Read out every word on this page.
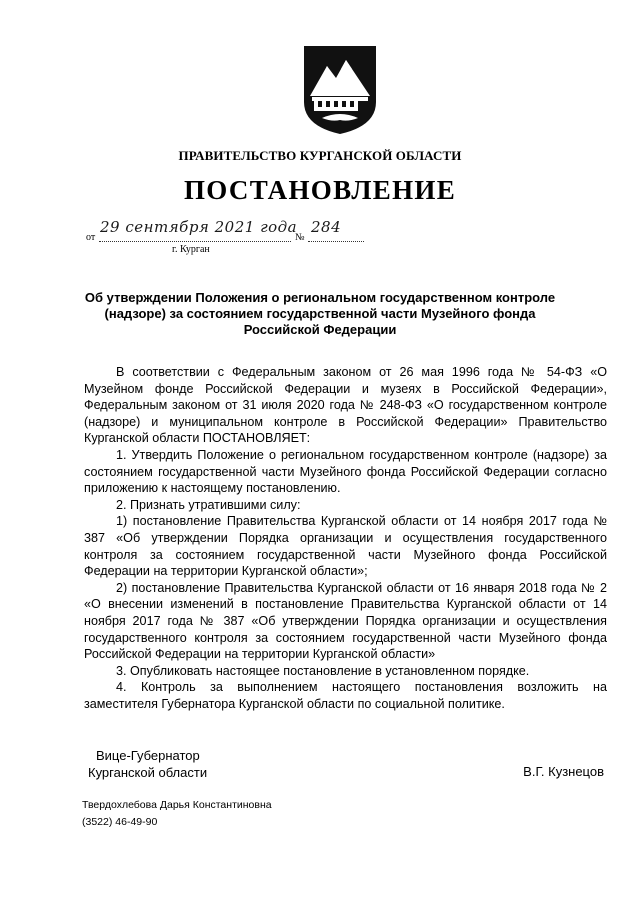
ПРАВИТЕЛЬСТВО КУРГАНСКОЙ ОБЛАСТИ
ПОСТАНОВЛЕНИЕ
от
29 сентября 2021 года
№
284
г. Курган
Об утверждении Положения о региональном государственном контроле
(надзоре) за состоянием государственной части Музейного фонда
Российской Федерации

В соответствии с Федеральным законом от 26 мая 1996 года № 54-ФЗ «О Музейном фонде Российской Федерации и музеях в Российской Федерации», Федеральным законом от 31 июля 2020 года № 248-ФЗ «О государственном контроле (надзоре) и муниципальном контроле в Российской Федерации» Правительство Курганской области ПОСТАНОВЛЯЕТ:

1. Утвердить Положение о региональном государственном контроле (надзоре) за состоянием государственной части Музейного фонда Российской Федерации согласно приложению к настоящему постановлению.

2. Признать утратившими силу:

1) постановление Правительства Курганской области от 14 ноября 2017 года № 387 «Об утверждении Порядка организации и осуществления государственного контроля за состоянием государственной части Музейного фонда Российской Федерации на территории Курганской области»;

2) постановление Правительства Курганской области от 16 января 2018 года № 2 «О внесении изменений в постановление Правительства Курганской области от 14 ноября 2017 года № 387 «Об утверждении Порядка организации и осуществления государственного контроля за состоянием государственной части Музейного фонда Российской Федерации на территории Курганской области»

3. Опубликовать настоящее постановление в установленном порядке.

4. Контроль за выполнением настоящего постановления возложить на заместителя Губернатора Курганской области по социальной политике.

Вице-Губернатор
Курганской области	В.Г. Кузнецов
Твердохлебова Дарья Константиновна
(3522) 46-49-90
